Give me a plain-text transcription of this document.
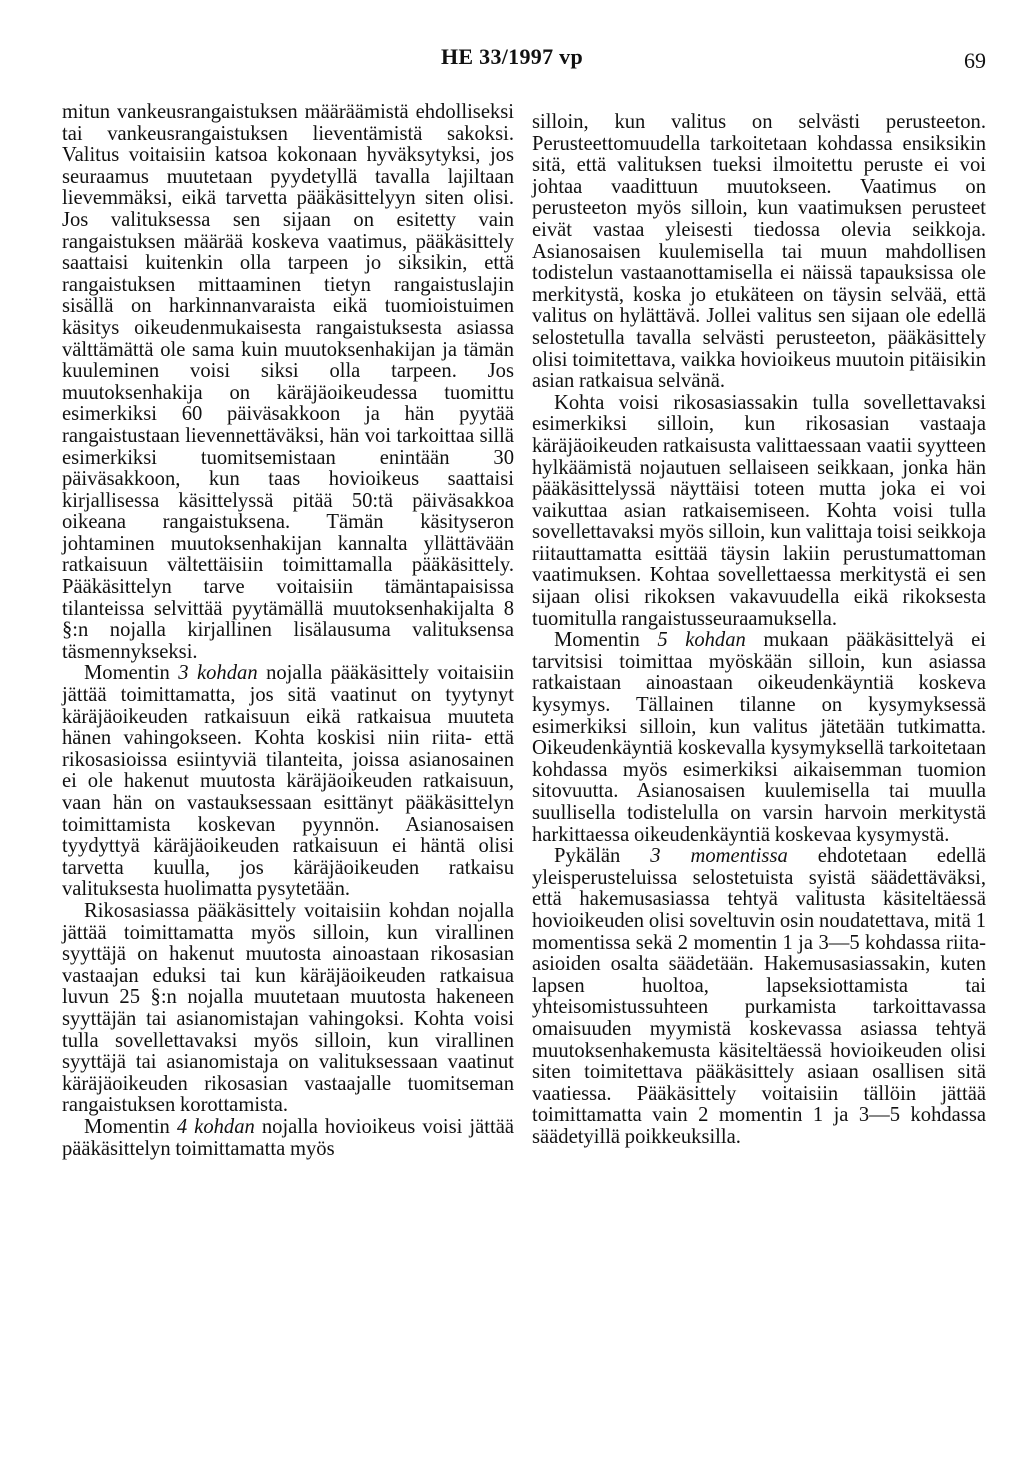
HE 33/1997 vp	69

mitun vankeusrangaistuksen määräämistä ehdolliseksi tai vankeusrangaistuksen lieventämistä sakoksi. Valitus voitaisiin katsoa kokonaan hyväksytyksi, jos seuraamus muutetaan pyydetyllä tavalla lajiltaan lievemmäksi, eikä tarvetta pääkäsittelyyn siten olisi. Jos valituksessa sen sijaan on esitetty vain rangaistuksen määrää koskeva vaatimus, pääkäsittely saattaisi kuitenkin olla tarpeen jo siksikin, että rangaistuksen mittaaminen tietyn rangaistuslajin sisällä on harkinnanvaraista eikä tuomioistuimen käsitys oikeudenmukaisesta rangaistuksesta asiassa välttämättä ole sama kuin muutoksenhakijan ja tämän kuuleminen voisi siksi olla tarpeen. Jos muutoksenhakija on käräjäoikeudessa tuomittu esimerkiksi 60 päiväsakkoon ja hän pyytää rangaistustaan lievennettäväksi, hän voi tarkoittaa sillä esimerkiksi tuomitsemistaan enintään 30 päiväsakkoon, kun taas hovioikeus saattaisi kirjallisessa käsittelyssä pitää 50:tä päiväsakkoa oikeana rangaistuksena. Tämän käsityseron johtaminen muutoksenhakijan kannalta yllättävään ratkaisuun vältettäisiin toimittamalla pääkäsittely. Pääkäsittelyn tarve voitaisiin tämäntapaisissa tilanteissa selvittää pyytämällä muutoksenhakijalta 8 §:n nojalla kirjallinen lisälausuma valituksensa täsmennykseksi.

Momentin 3 kohdan nojalla pääkäsittely voitaisiin jättää toimittamatta, jos sitä vaatinut on tyytynyt käräjäoikeuden ratkaisuun eikä ratkaisua muuteta hänen vahingokseen. Kohta koskisi niin riita- että rikosasioissa esiintyviä tilanteita, joissa asianosainen ei ole hakenut muutosta käräjäoikeuden ratkaisuun, vaan hän on vastauksessaan esittänyt pääkäsittelyn toimittamista koskevan pyynnön. Asianosaisen tyydyttyä käräjäoikeuden ratkaisuun ei häntä olisi tarvetta kuulla, jos käräjäoikeuden ratkaisu valituksesta huolimatta pysytetään.

Rikosasiassa pääkäsittely voitaisiin kohdan nojalla jättää toimittamatta myös silloin, kun virallinen syyttäjä on hakenut muutosta ainoastaan rikosasian vastaajan eduksi tai kun käräjäoikeuden ratkaisua luvun 25 §:n nojalla muutetaan muutosta hakeneen syyttäjän tai asianomistajan vahingoksi. Kohta voisi tulla sovellettavaksi myös silloin, kun virallinen syyttäjä tai asianomistaja on valituksessaan vaatinut käräjäoikeuden rikosasian vastaajalle tuomitseman rangaistuksen korottamista.

Momentin 4 kohdan nojalla hovioikeus voisi jättää pääkäsittelyn toimittamatta myös

silloin, kun valitus on selvästi perusteeton. Perusteettomuudella tarkoitetaan kohdassa ensiksikin sitä, että valituksen tueksi ilmoitettu peruste ei voi johtaa vaadittuun muutokseen. Vaatimus on perusteeton myös silloin, kun vaatimuksen perusteet eivät vastaa yleisesti tiedossa olevia seikkoja. Asianosaisen kuulemisella tai muun mahdollisen todistelun vastaanottamisella ei näissä tapauksissa ole merkitystä, koska jo etukäteen on täysin selvää, että valitus on hylättävä. Jollei valitus sen sijaan ole edellä selostetulla tavalla selvästi perusteeton, pääkäsittely olisi toimitettava, vaikka hovioikeus muutoin pitäisikin asian ratkaisua selvänä.

Kohta voisi rikosasiassakin tulla sovellettavaksi esimerkiksi silloin, kun rikosasian vastaaja käräjäoikeuden ratkaisusta valittaessaan vaatii syytteen hylkäämistä nojautuen sellaiseen seikkaan, jonka hän pääkäsittelyssä näyttäisi toteen mutta joka ei voi vaikuttaa asian ratkaisemiseen. Kohta voisi tulla sovellettavaksi myös silloin, kun valittaja toisi seikkoja riitauttamatta esittää täysin lakiin perustumattoman vaatimuksen. Kohtaa sovellettaessa merkitystä ei sen sijaan olisi rikoksen vakavuudella eikä rikoksesta tuomitulla rangaistusseuraamuksella.

Momentin 5 kohdan mukaan pääkäsittelyä ei tarvitsisi toimittaa myöskään silloin, kun asiassa ratkaistaan ainoastaan oikeudenkäyntiä koskeva kysymys. Tällainen tilanne on kysymyksessä esimerkiksi silloin, kun valitus jätetään tutkimatta. Oikeudenkäyntiä koskevalla kysymyksellä tarkoitetaan kohdassa myös esimerkiksi aikaisemman tuomion sitovuutta. Asianosaisen kuulemisella tai muulla suullisella todistelulla on varsin harvoin merkitystä harkittaessa oikeudenkäyntiä koskevaa kysymystä.

Pykälän 3 momentissa ehdotetaan edellä yleisperusteluissa selostetuista syistä säädettäväksi, että hakemusasiassa tehtyä valitusta käsiteltäessä hovioikeuden olisi soveltuvin osin noudatettava, mitä 1 momentissa sekä 2 momentin 1 ja 3—5 kohdassa riita-asioiden osalta säädetään. Hakemusasiassakin, kuten lapsen huoltoa, lapseksiottamista tai yhteisomistussuhteen purkamista tarkoittavassa omaisuuden myymistä koskevassa asiassa tehtyä muutoksenhakemusta käsiteltäessä hovioikeuden olisi siten toimitettava pääkäsittely asiaan osallisen sitä vaatiessa. Pääkäsittely voitaisiin tällöin jättää toimittamatta vain 2 momentin 1 ja 3—5 kohdassa säädetyillä poikkeuksilla.
